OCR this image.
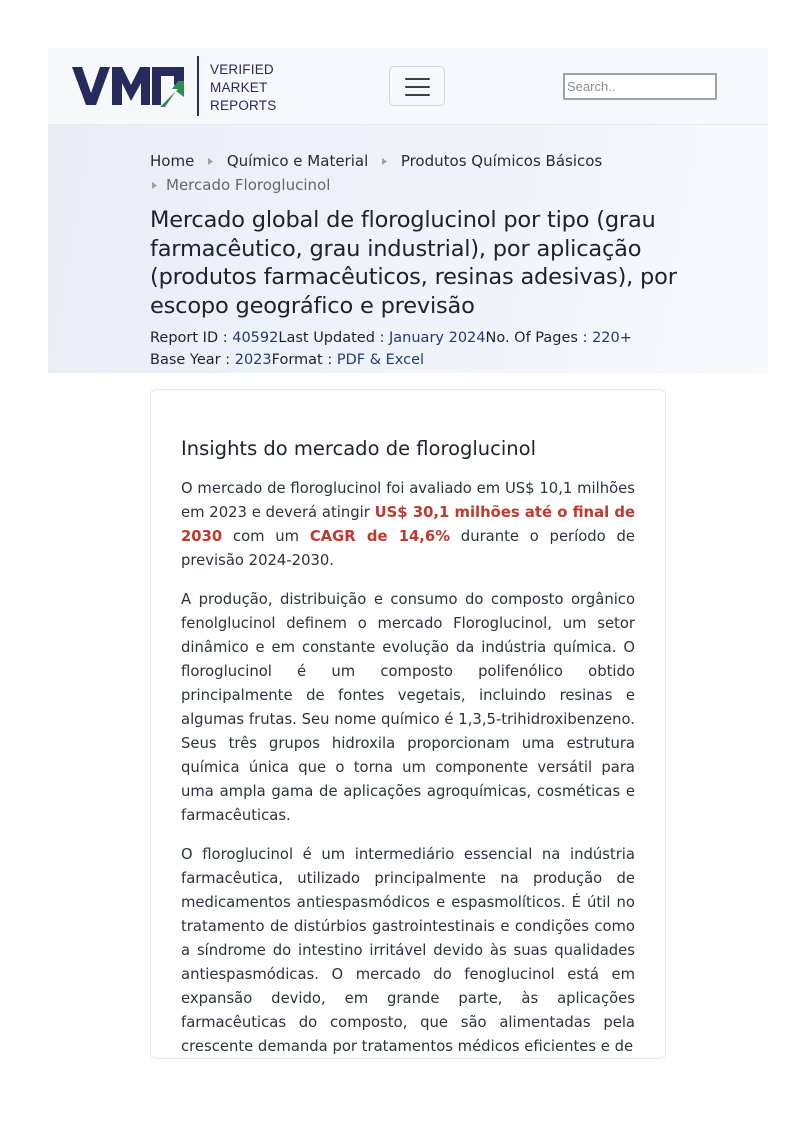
VERIFIED
MARKET
REPORTS
Search..
Home Químico e Material Produtos Químicos Básicos
Mercado Floroglucinol
Mercado global de floroglucinol por tipo (grau farmacêutico, grau industrial), por aplicação (produtos farmacêuticos, resinas adesivas), por escopo geográfico e previsão
Report ID : 40592Last Updated : January 2024No. Of Pages : 220+
Base Year : 2023Format : PDF & Excel
Insights do mercado de floroglucinol

O mercado de floroglucinol foi avaliado em US$ 10,1 milhões em 2023 e deverá atingir US$ 30,1 milhões até o final de 2030 com um CAGR de 14,6% durante o período de previsão 2024-2030.

A produção, distribuição e consumo do composto orgânico fenolglucinol definem o mercado Floroglucinol, um setor dinâmico e em constante evolução da indústria química. O floroglucinol é um composto polifenólico obtido principalmente de fontes vegetais, incluindo resinas e algumas frutas. Seu nome químico é 1,3,5-trihidroxibenzeno. Seus três grupos hidroxila proporcionam uma estrutura química única que o torna um componente versátil para uma ampla gama de aplicações agroquímicas, cosméticas e farmacêuticas.

O floroglucinol é um intermediário essencial na indústria farmacêutica, utilizado principalmente na produção de medicamentos antiespasmódicos e espasmolíticos. É útil no tratamento de distúrbios gastrointestinais e condições como a síndrome do intestino irritável devido às suas qualidades antiespasmódicas. O mercado do fenoglucinol está em expansão devido, em grande parte, às aplicações farmacêuticas do composto, que são alimentadas pela crescente demanda por tratamentos médicos eficientes e de
